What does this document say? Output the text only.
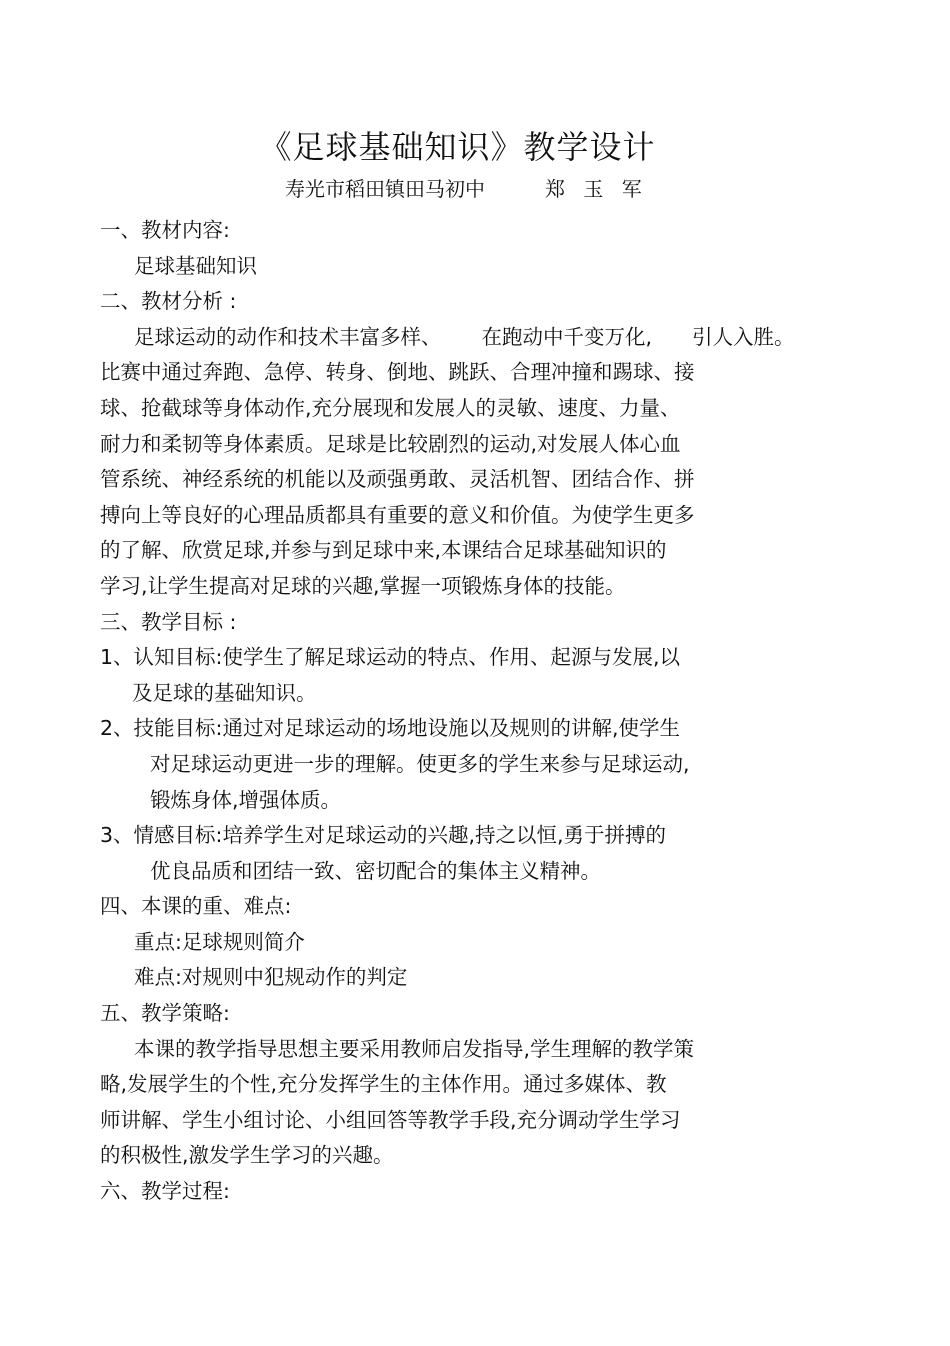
《足球基础知识》教学设计
寿光市稻田镇田马初中	郑 玉 军
一、教材内容:
足球基础知识
二、教材分析 :
足球运动的动作和技术丰富多样、 在跑动中千变万化, 引人入胜。
比赛中通过奔跑、急停、转身、倒地、跳跃、合理冲撞和踢球、接
球、抢截球等身体动作,充分展现和发展人的灵敏、速度、力量、
耐力和柔韧等身体素质。足球是比较剧烈的运动,对发展人体心血
管系统、神经系统的机能以及顽强勇敢、灵活机智、团结合作、拼
搏向上等良好的心理品质都具有重要的意义和价值。为使学生更多
的了解、欣赏足球,并参与到足球中来,本课结合足球基础知识的
学习,让学生提高对足球的兴趣,掌握一项锻炼身体的技能。
三、教学目标 :
1、认知目标:使学生了解足球运动的特点、作用、起源与发展,以
及足球的基础知识。
2、技能目标:通过对足球运动的场地设施以及规则的讲解,使学生
对足球运动更进一步的理解。使更多的学生来参与足球运动,
锻炼身体,增强体质。
3、情感目标:培养学生对足球运动的兴趣,持之以恒,勇于拼搏的
优良品质和团结一致、密切配合的集体主义精神。
四、本课的重、难点:
重点:足球规则简介
难点:对规则中犯规动作的判定
五、教学策略:
本课的教学指导思想主要采用教师启发指导,学生理解的教学策
略,发展学生的个性,充分发挥学生的主体作用。通过多媒体、教
师讲解、学生小组讨论、小组回答等教学手段,充分调动学生学习
的积极性,激发学生学习的兴趣。
六、教学过程:
